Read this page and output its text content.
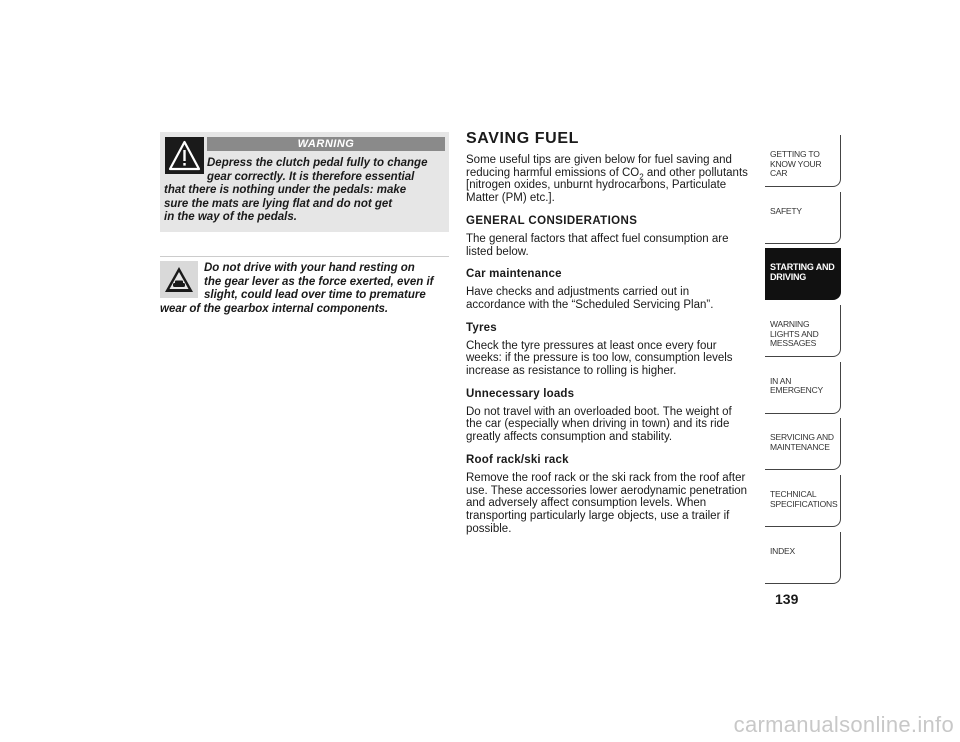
WARNING
Depress the clutch pedal fully to change
gear correctly. It is therefore essential
that there is nothing under the pedals: make
sure the mats are lying flat and do not get
in the way of the pedals.
Do not drive with your hand resting on
the gear lever as the force exerted, even if
slight, could lead over time to premature
wear of the gearbox internal components.
SAVING FUEL

Some useful tips are given below for fuel saving and reducing harmful emissions of $CO_2$ and other pollutants [nitrogen oxides, unburnt hydrocarbons, Particulate Matter (PM) etc.].

GENERAL CONSIDERATIONS

The general factors that affect fuel consumption are listed below.

Car maintenance

Have checks and adjustments carried out in accordance with the “Scheduled Servicing Plan”.

Tyres

Check the tyre pressures at least once every four weeks: if the pressure is too low, consumption levels increase as resistance to rolling is higher.

Unnecessary loads

Do not travel with an overloaded boot. The weight of the car (especially when driving in town) and its ride greatly affects consumption and stability.

Roof rack/ski rack

Remove the roof rack or the ski rack from the roof after use. These accessories lower aerodynamic penetration and adversely affect consumption levels. When transporting particularly large objects, use a trailer if possible.

GETTING TO KNOW YOUR CAR
SAFETY
STARTING AND DRIVING
WARNING LIGHTS AND MESSAGES
IN AN EMERGENCY
SERVICING AND MAINTENANCE
TECHNICAL SPECIFICATIONS
INDEX
139
carmanualsonline.info
